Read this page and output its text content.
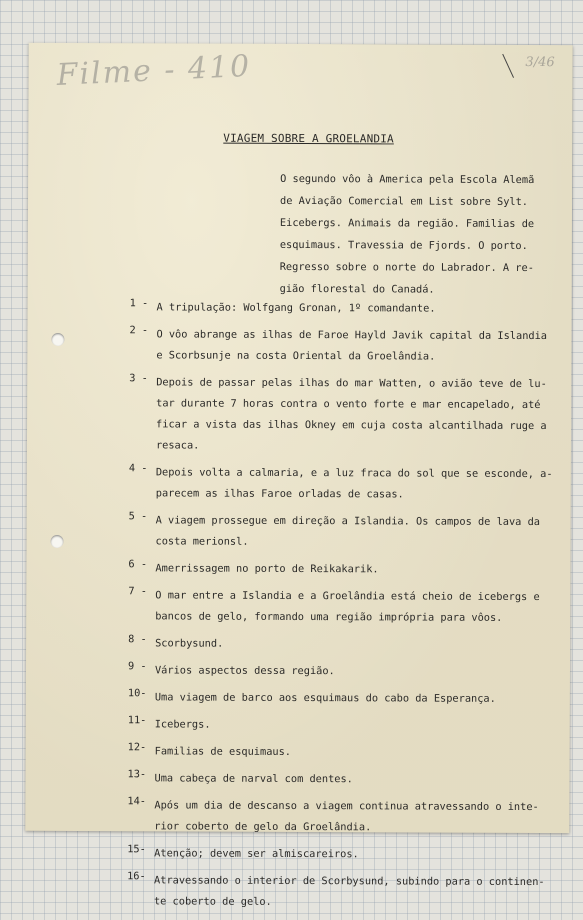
Filme - 410	3/46
VIAGEM SOBRE A GROELANDIA
O segundo vôo à America pela Escola Alemã
de Aviação Comercial em List sobre Sylt.
Eicebergs. Animais da região. Familias de
esquimaus. Travessia de Fjords. O porto.
Regresso sobre o norte do Labrador. A re-
gião florestal do Canadá.
1 - A tripulação: Wolfgang Gronan, 1º comandante.
2 - O vôo abrange as ilhas de Faroe Hayld Javik capital da Islandia
e Scorbsunje na costa Oriental da Groelândia.
3 - Depois de passar pelas ilhas do mar Watten, o avião teve de lu-
tar durante 7 horas contra o vento forte e mar encapelado, até
ficar a vista das ilhas Okney em cuja costa alcantilhada ruge a
resaca.
4 - Depois volta a calmaria, e a luz fraca do sol que se esconde, a-
parecem as ilhas Faroe orladas de casas.
5 - A viagem prossegue em direção a Islandia. Os campos de lava da
costa merionsl.
6 - Amerrissagem no porto de Reikakarik.
7 - O mar entre a Islandia e a Groelândia está cheio de icebergs e
bancos de gelo, formando uma região imprópria para vôos.
8 - Scorbysund.
9 - Vários aspectos dessa região.
10- Uma viagem de barco aos esquimaus do cabo da Esperança.
11- Icebergs.
12- Familias de esquimaus.
13- Uma cabeça de narval com dentes.
14- Após um dia de descanso a viagem continua atravessando o inte-
rior coberto de gelo da Groelândia.
15- Atenção; devem ser almiscareiros.
16- Atravessando o interior de Scorbysund, subindo para o continen-
te coberto de gelo.
